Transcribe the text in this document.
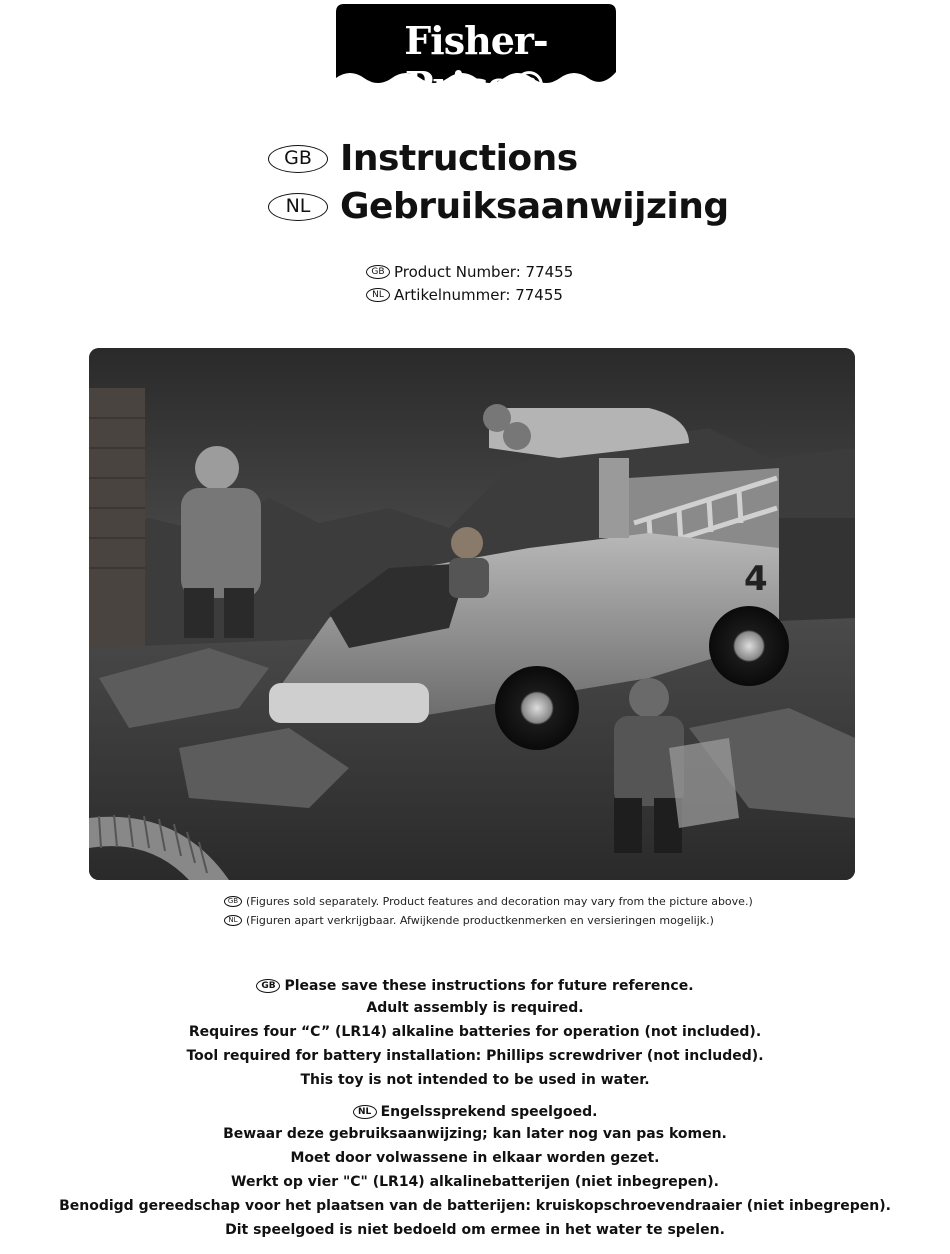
Fisher-Price®
GB Instructions
NL Gebruiksaanwijzing
GB Product Number: 77455
NL Artikelnummer: 77455
4
GB (Figures sold separately. Product features and decoration may vary from the picture above.)
NL (Figuren apart verkrijgbaar. Afwijkende productkenmerken en versieringen mogelijk.)
GB Please save these instructions for future reference.
Adult assembly is required.
Requires four “C” (LR14) alkaline batteries for operation (not included).
Tool required for battery installation: Phillips screwdriver (not included).
This toy is not intended to be used in water.
NL Engelssprekend speelgoed.
Bewaar deze gebruiksaanwijzing; kan later nog van pas komen.
Moet door volwassene in elkaar worden gezet.
Werkt op vier "C" (LR14) alkalinebatterijen (niet inbegrepen).
Benodigd gereedschap voor het plaatsen van de batterijen: kruiskopschroevendraaier (niet inbegrepen).
Dit speelgoed is niet bedoeld om ermee in het water te spelen.
